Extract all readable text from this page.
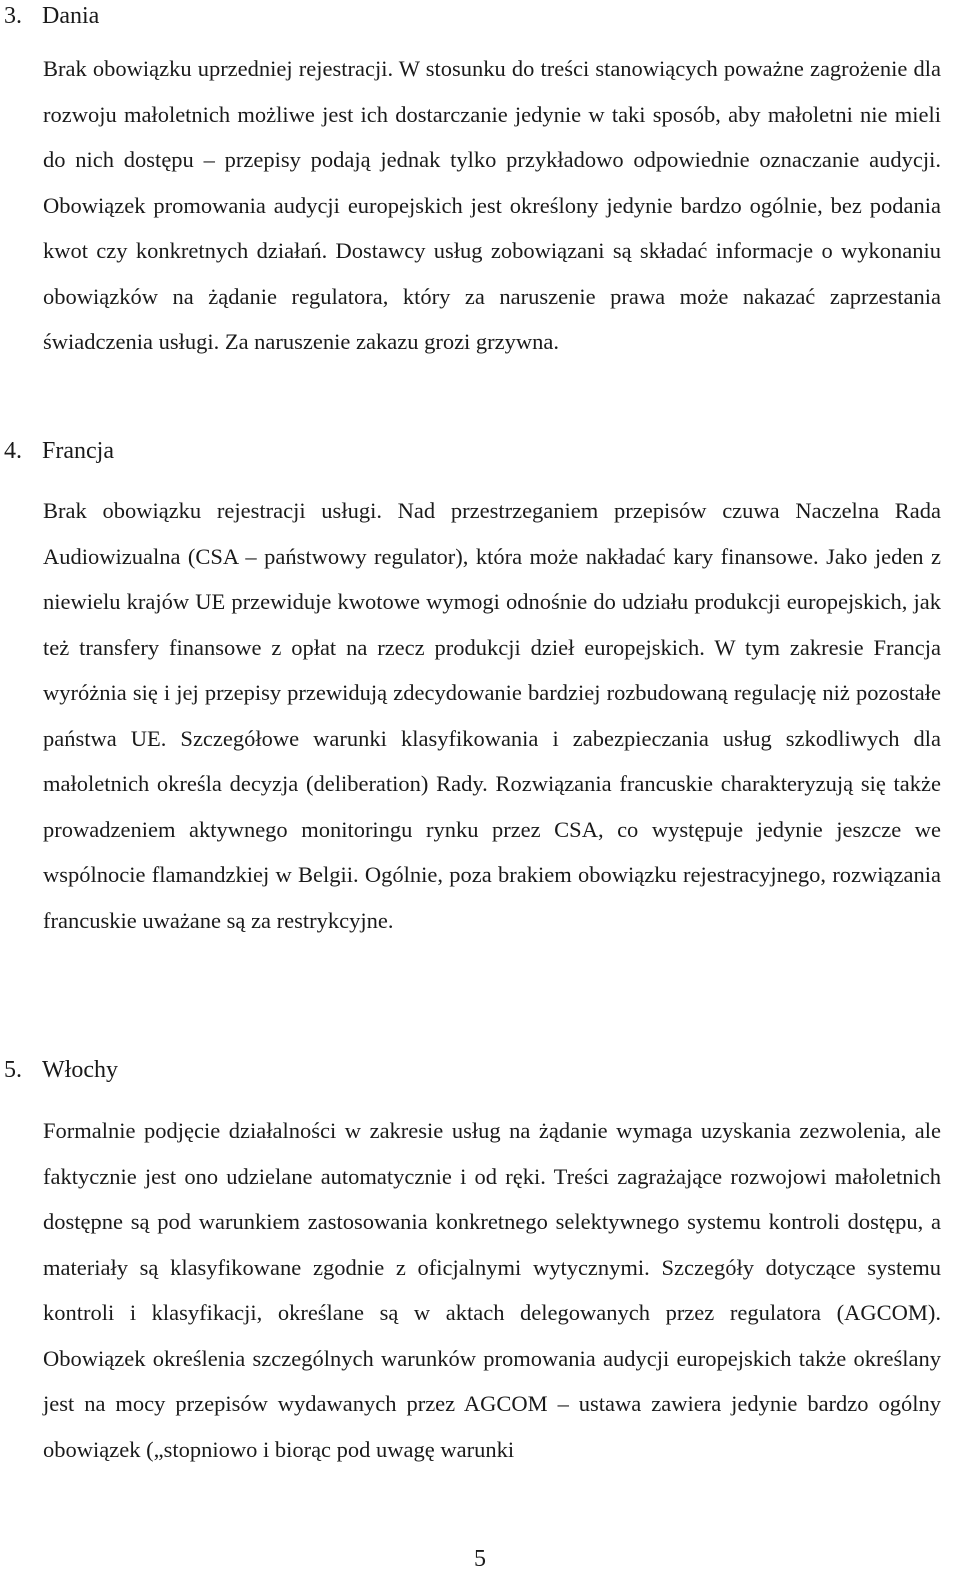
3. Dania

Brak obowiązku uprzedniej rejestracji. W stosunku do treści stanowiących poważne zagrożenie dla rozwoju małoletnich możliwe jest ich dostarczanie jedynie w taki sposób, aby małoletni nie mieli do nich dostępu – przepisy podają jednak tylko przykładowo odpowiednie oznaczanie audycji. Obowiązek promowania audycji europejskich jest określony jedynie bardzo ogólnie, bez podania kwot czy konkretnych działań. Dostawcy usług zobowiązani są składać informacje o wykonaniu obowiązków na żądanie regulatora, który za naruszenie prawa może nakazać zaprzestania świadczenia usługi. Za naruszenie zakazu grozi grzywna.

4. Francja

Brak obowiązku rejestracji usługi. Nad przestrzeganiem przepisów czuwa Naczelna Rada Audiowizualna (CSA – państwowy regulator), która może nakładać kary finansowe. Jako jeden z niewielu krajów UE przewiduje kwotowe wymogi odnośnie do udziału produkcji europejskich, jak też transfery finansowe z opłat na rzecz produkcji dzieł europejskich. W tym zakresie Francja wyróżnia się i jej przepisy przewidują zdecydowanie bardziej rozbudowaną regulację niż pozostałe państwa UE. Szczegółowe warunki klasyfikowania i zabezpieczania usług szkodliwych dla małoletnich określa decyzja (deliberation) Rady. Rozwiązania francuskie charakteryzują się także prowadzeniem aktywnego monitoringu rynku przez CSA, co występuje jedynie jeszcze we wspólnocie flamandzkiej w Belgii. Ogólnie, poza brakiem obowiązku rejestracyjnego, rozwiązania francuskie uważane są za restrykcyjne.

5. Włochy

Formalnie podjęcie działalności w zakresie usług na żądanie wymaga uzyskania zezwolenia, ale faktycznie jest ono udzielane automatycznie i od ręki. Treści zagrażające rozwojowi małoletnich dostępne są pod warunkiem zastosowania konkretnego selektywnego systemu kontroli dostępu, a materiały są klasyfikowane zgodnie z oficjalnymi wytycznymi. Szczegóły dotyczące systemu kontroli i klasyfikacji, określane są w aktach delegowanych przez regulatora (AGCOM). Obowiązek określenia szczególnych warunków promowania audycji europejskich także określany jest na mocy przepisów wydawanych przez AGCOM – ustawa zawiera jedynie bardzo ogólny obowiązek („stopniowo i biorąc pod uwagę warunki

5
